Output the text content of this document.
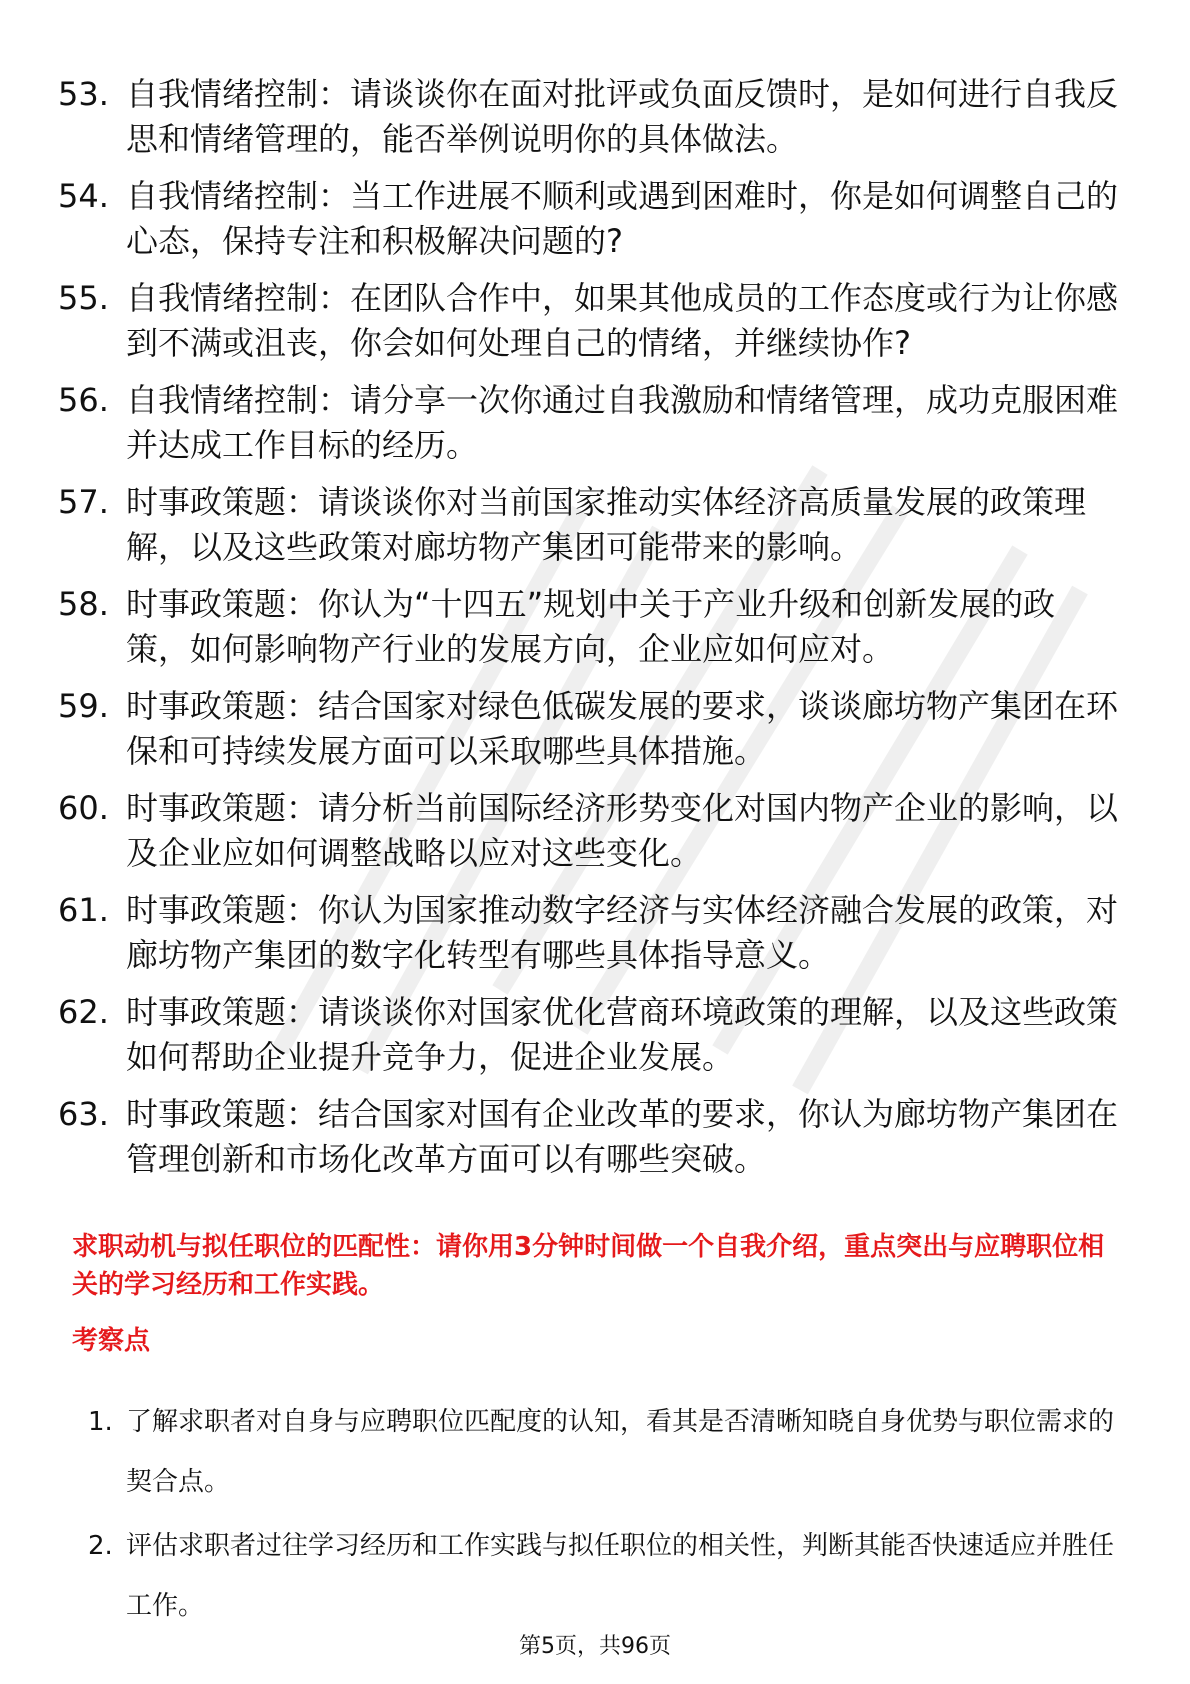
53. 自我情绪控制：请谈谈你在面对批评或负面反馈时，是如何进行自我反思和情绪管理的，能否举例说明你的具体做法。
54. 自我情绪控制：当工作进展不顺利或遇到困难时，你是如何调整自己的心态，保持专注和积极解决问题的?
55. 自我情绪控制：在团队合作中，如果其他成员的工作态度或行为让你感到不满或沮丧，你会如何处理自己的情绪，并继续协作?
56. 自我情绪控制：请分享一次你通过自我激励和情绪管理，成功克服困难并达成工作目标的经历。
57. 时事政策题：请谈谈你对当前国家推动实体经济高质量发展的政策理解，以及这些政策对廊坊物产集团可能带来的影响。
58. 时事政策题：你认为“十四五”规划中关于产业升级和创新发展的政策，如何影响物产行业的发展方向，企业应如何应对。
59. 时事政策题：结合国家对绿色低碳发展的要求，谈谈廊坊物产集团在环保和可持续发展方面可以采取哪些具体措施。
60. 时事政策题：请分析当前国际经济形势变化对国内物产企业的影响，以及企业应如何调整战略以应对这些变化。
61. 时事政策题：你认为国家推动数字经济与实体经济融合发展的政策，对廊坊物产集团的数字化转型有哪些具体指导意义。
62. 时事政策题：请谈谈你对国家优化营商环境政策的理解，以及这些政策如何帮助企业提升竞争力，促进企业发展。
63. 时事政策题：结合国家对国有企业改革的要求，你认为廊坊物产集团在管理创新和市场化改革方面可以有哪些突破。

求职动机与拟任职位的匹配性：请你用3分钟时间做一个自我介绍，重点突出与应聘职位相关的学习经历和工作实践。

考察点

1. 了解求职者对自身与应聘职位匹配度的认知，看其是否清晰知晓自身优势与职位需求的契合点。
2. 评估求职者过往学习经历和工作实践与拟任职位的相关性，判断其能否快速适应并胜任工作。
第5页，共96页
